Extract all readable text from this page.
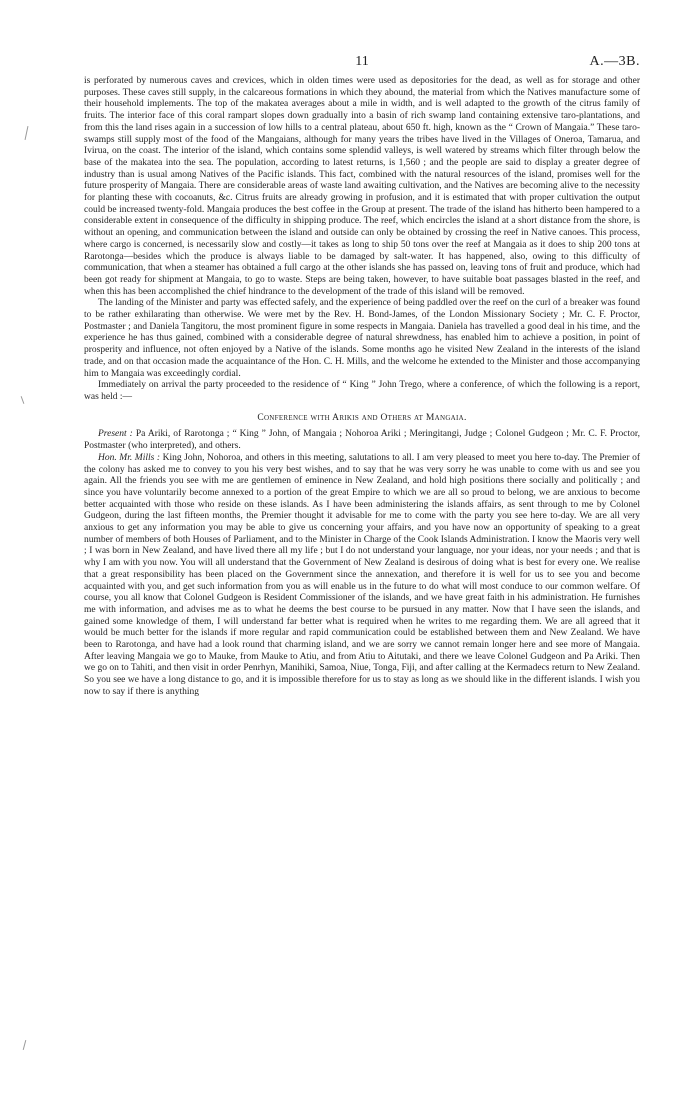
11	A.—3B.

is perforated by numerous caves and crevices, which in olden times were used as depositories for the dead, as well as for storage and other purposes. These caves still supply, in the calcareous formations in which they abound, the material from which the Natives manufacture some of their household implements. The top of the makatea averages about a mile in width, and is well adapted to the growth of the citrus family of fruits. The interior face of this coral rampart slopes down gradually into a basin of rich swamp land containing extensive taro-plantations, and from this the land rises again in a succession of low hills to a central plateau, about 650 ft. high, known as the “ Crown of Mangaia.” These taro-swamps still supply most of the food of the Mangaians, although for many years the tribes have lived in the Villages of Oneroa, Tamarua, and Ivirua, on the coast. The interior of the island, which contains some splendid valleys, is well watered by streams which filter through below the base of the makatea into the sea. The population, according to latest returns, is 1,560 ; and the people are said to display a greater degree of industry than is usual among Natives of the Pacific islands. This fact, combined with the natural resources of the island, promises well for the future prosperity of Mangaia. There are considerable areas of waste land awaiting cultivation, and the Natives are becoming alive to the necessity for planting these with cocoanuts, &c. Citrus fruits are already growing in profusion, and it is estimated that with proper cultivation the output could be increased twenty-fold. Mangaia produces the best coffee in the Group at present. The trade of the island has hitherto been hampered to a considerable extent in consequence of the difficulty in shipping produce. The reef, which encircles the island at a short distance from the shore, is without an opening, and communication between the island and outside can only be obtained by crossing the reef in Native canoes. This process, where cargo is concerned, is necessarily slow and costly—it takes as long to ship 50 tons over the reef at Mangaia as it does to ship 200 tons at Rarotonga—besides which the produce is always liable to be damaged by salt-water. It has happened, also, owing to this difficulty of communication, that when a steamer has obtained a full cargo at the other islands she has passed on, leaving tons of fruit and produce, which had been got ready for shipment at Mangaia, to go to waste. Steps are being taken, however, to have suitable boat passages blasted in the reef, and when this has been accomplished the chief hindrance to the development of the trade of this island will be removed.

The landing of the Minister and party was effected safely, and the experience of being paddled over the reef on the curl of a breaker was found to be rather exhilarating than otherwise. We were met by the Rev. H. Bond-James, of the London Missionary Society ; Mr. C. F. Proctor, Postmaster ; and Daniela Tangitoru, the most prominent figure in some respects in Mangaia. Daniela has travelled a good deal in his time, and the experience he has thus gained, combined with a considerable degree of natural shrewdness, has enabled him to achieve a position, in point of prosperity and influence, not often enjoyed by a Native of the islands. Some months ago he visited New Zealand in the interests of the island trade, and on that occasion made the acquaintance of the Hon. C. H. Mills, and the welcome he extended to the Minister and those accompanying him to Mangaia was exceedingly cordial.

Immediately on arrival the party proceeded to the residence of “ King ” John Trego, where a conference, of which the following is a report, was held :—

Conference with Arikis and Others at Mangaia.

Present : Pa Ariki, of Rarotonga ; “ King ” John, of Mangaia ; Nohoroa Ariki ; Meringitangi, Judge ; Colonel Gudgeon ; Mr. C. F. Proctor, Postmaster (who interpreted), and others.

Hon. Mr. Mills : King John, Nohoroa, and others in this meeting, salutations to all. I am very pleased to meet you here to-day. The Premier of the colony has asked me to convey to you his very best wishes, and to say that he was very sorry he was unable to come with us and see you again. All the friends you see with me are gentlemen of eminence in New Zealand, and hold high positions there socially and politically ; and since you have voluntarily become annexed to a portion of the great Empire to which we are all so proud to belong, we are anxious to become better acquainted with those who reside on these islands. As I have been administering the islands affairs, as sent through to me by Colonel Gudgeon, during the last fifteen months, the Premier thought it advisable for me to come with the party you see here to-day. We are all very anxious to get any information you may be able to give us concerning your affairs, and you have now an opportunity of speaking to a great number of members of both Houses of Parliament, and to the Minister in Charge of the Cook Islands Administration. I know the Maoris very well ; I was born in New Zealand, and have lived there all my life ; but I do not understand your language, nor your ideas, nor your needs ; and that is why I am with you now. You will all understand that the Government of New Zealand is desirous of doing what is best for every one. We realise that a great responsibility has been placed on the Government since the annexation, and therefore it is well for us to see you and become acquainted with you, and get such information from you as will enable us in the future to do what will most conduce to our common welfare. Of course, you all know that Colonel Gudgeon is Resident Commissioner of the islands, and we have great faith in his administration. He furnishes me with information, and advises me as to what he deems the best course to be pursued in any matter. Now that I have seen the islands, and gained some knowledge of them, I will understand far better what is required when he writes to me regarding them. We are all agreed that it would be much better for the islands if more regular and rapid communication could be established between them and New Zealand. We have been to Rarotonga, and have had a look round that charming island, and we are sorry we cannot remain longer here and see more of Mangaia. After leaving Mangaia we go to Mauke, from Mauke to Atiu, and from Atiu to Aitutaki, and there we leave Colonel Gudgeon and Pa Ariki. Then we go on to Tahiti, and then visit in order Penrhyn, Manihiki, Samoa, Niue, Tonga, Fiji, and after calling at the Kermadecs return to New Zealand. So you see we have a long distance to go, and it is impossible therefore for us to stay as long as we should like in the different islands. I wish you now to say if there is anything
